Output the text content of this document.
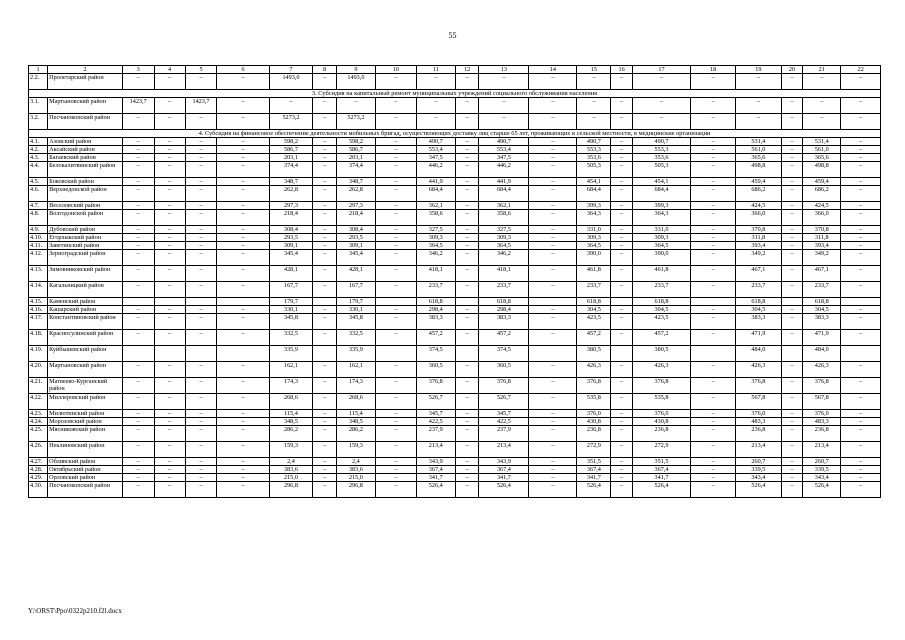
55
1	2	3	4	5	6	7	8	9	10	11	12	13	14	15	16	17	18	19	20	21	22
2.2.	Пролетарский район	–	–	–	–	1493,0	–	1493,0	–	–	–	–	–	–	–	–	–	–	–	–	–
3. Субсидия на капитальный ремонт муниципальных учреждений социального обслуживания населения																					
3.1.	Мартыновский район	1423,7	–	1423,7	–	–	–	–	–	–	–	–	–	–	–	–	–	–	–	–	–
3.2.	Песчанокопский район	–	–	–	–	5273,2	–	5273,2	–	–	–	–	–	–	–	–	–	–	–	–	–
4. Субсидия на финансовое обеспечение деятельности мобильных бригад, осуществляющих доставку лиц старше 65 лет, проживающих в сельской местности, в медицинские организации																					
4.1.	Азовский район	–	–	–	–	598,2	–	598,2	–	490,7	–	490,7	–	490,7	–	490,7	–	531,4	–	531,4	–
4.2.	Аксайский район	–	–	–	–	586,7	–	586,7	–	553,4	–	553,4	–	553,3	–	553,3	–	561,0	–	561,0	–
4.3.	Багаевский район	–	–	–	–	203,1	–	203,1	–	347,5	–	347,5	–	353,6	–	353,6	–	365,6	–	365,6	–
4.4.	Белокалитвинский район	–	–	–	–	374,4	–	374,4	–	446,2	–	446,2	–	505,3	–	505,3	–	498,8	–	498,8	–
4.5.	Боковский район	–	–	–	–	348,7	–	348,7	–	441,9	–	441,9	–	454,1	–	454,1	–	459,4	–	459,4	–
4.6.	Верхнедонской район	–	–	–	–	262,8	–	262,8	–	684,4	–	684,4	–	684,4	–	684,4	–	686,2	–	686,2	–
4.7.	Веселовский район	–	–	–	–	297,3	–	297,3	–	362,1	–	362,1	–	399,3	–	399,3	–	424,5	–	424,5	–
4.8.	Волгодонской район	–	–	–	–	218,4	–	218,4	–	358,6	–	358,6	–	364,3	–	364,3	–	366,0	–	366,0	–
4.9.	Дубовский район	–	–	–	–	308,4	–	308,4	–	327,5	–	327,5	–	331,0	–	331,0	–	370,8	–	370,8	–
4.10.	Егорлыкский район	–	–	–	–	293,5	–	293,5	–	309,3	–	309,3	–	309,3	–	309,3	–	311,8	–	311,8	–
4.11.	Заветинский район	–	–	–	–	309,1	–	309,1	–	364,5	–	364,5	–	364,5	–	364,5	–	393,4	–	393,4	–
4.12.	Зерноградский район	–	–	–	–	345,4	–	345,4	–	346,2	–	346,2	–	390,0	–	390,0	–	349,2	–	349,2	–
4.13.	Зимовниковский район	–	–	–	–	428,1	–	428,1	–	418,1	–	418,1	–	461,8	–	461,8	–	467,1	–	467,1	–
4.14.	Кагальницкий район	–	–	–	–	167,7	–	167,7	–	233,7	–	233,7	–	233,7	–	233,7	–	233,7	–	233,7	–
4.15.	Каменский район					179,7		179,7		618,8		618,8		618,8		618,8		618,8		618,8	
4.16.	Кашарский район	–	–	–	–	330,1	–	330,1	–	298,4	–	298,4	–	304,5	–	304,5	–	304,5	–	304,5	–
4.17.	Константиновский район	–	–	–	–	345,8	–	345,8	–	383,3	–	383,3	–	423,5	–	423,5	–	383,3	–	383,3	–
4.18.	Красносулинский район	–	–	–	–	332,5	–	332,5	–	457,2	–	457,2	–	457,2	–	457,2	–	471,9	–	471,9	–
4.19.	Куйбышевский район					335,9		335,9		374,5		374,5		380,5		380,5		484,0		484,0	
4.20.	Мартыновский район	–	–	–	–	162,1	–	162,1	–	360,5	–	360,5	–	426,3	–	426,3	–	426,3	–	426,3	–
4.21.	Матвеево-Курганский район	–	–	–	–	174,3	–	174,3	–	376,8	–	376,8	–	376,8	–	376,8	–	376,8	–	376,8	–
4.22.	Миллеровский район	–	–	–	–	268,6	–	268,6	–	526,7	–	526,7	–	535,8	–	535,8	–	567,8	–	567,8	–
4.23.	Милютинский район	–	–	–	–	115,4	–	115,4	–	345,7	–	345,7	–	376,0	–	376,0	–	376,0	–	376,0	–
4.24.	Морозовский район	–	–	–	–	348,5	–	348,5	–	422,5	–	422,5	–	430,8	–	430,8	–	483,3	–	483,3	–
4.25.	Мясниковский район	–	–	–	–	286,2	–	286,2	–	237,9	–	237,9	–	236,8	–	236,8	–	236,8	–	236,8	–
4.26.	Неклиновский район	–	–	–	–	159,3	–	159,3	–	213,4	–	213,4	–	272,9	–	272,9	–	213,4	–	213,4	–
4.27.	Обливский район	–	–	–	–	2,4	–	2,4	–	343,9	–	343,9	–	351,5	–	351,5	–	260,7	–	260,7	–
4.28.	Октябрьский район	–	–	–	–	383,6	–	383,6	–	367,4	–	367,4	–	367,4	–	367,4	–	339,5	–	339,5	–
4.29.	Орловский район	–	–	–	–	215,0	–	215,0	–	341,7	–	341,7	–	341,7	–	341,7	–	343,4	–	343,4	–
4.30.	Песчанокопский район	–	–	–	–	296,8	–	296,8	–	526,4	–	526,4	–	526,4	–	526,4	–	526,4	–	526,4	–
Y:\ORST\Ppo\0322p210.f2l.docx
